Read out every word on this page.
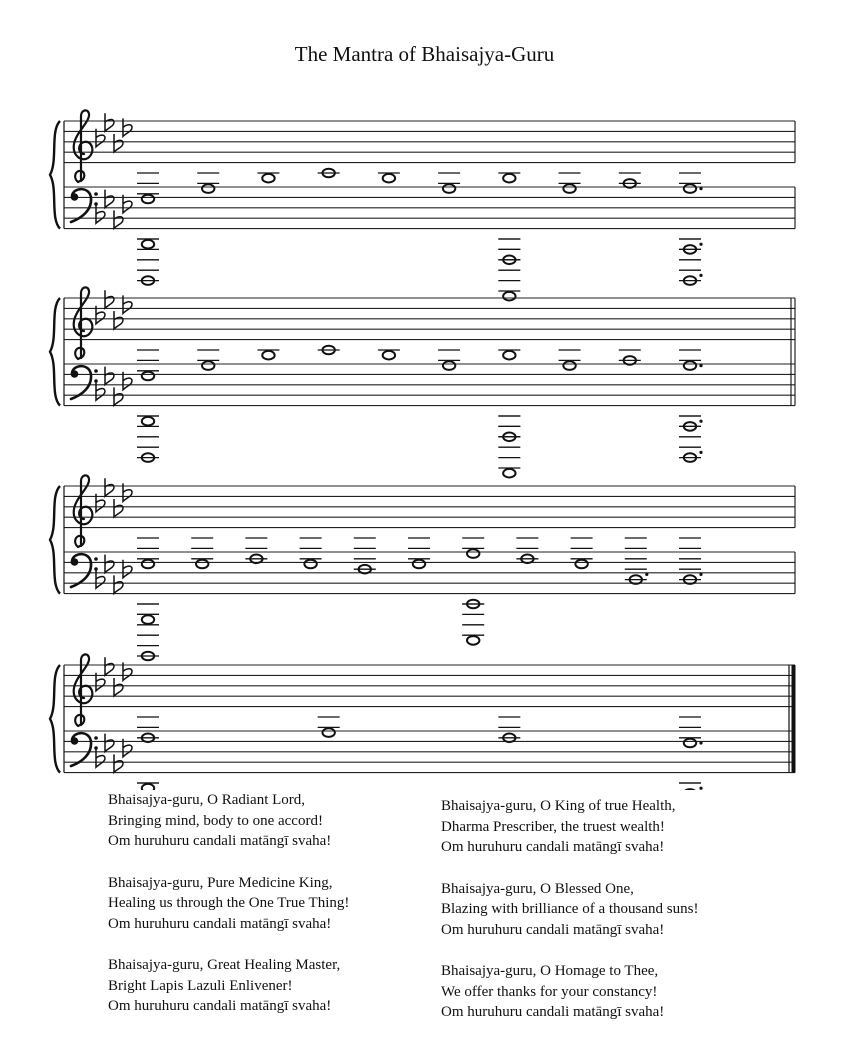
The Mantra of Bhaisajya-Guru
Bhaisajya-guru, O Radiant Lord,
Bringing mind, body to one accord!
Om huruhuru candali matāngī svaha!
Bhaisajya-guru, Pure Medicine King,
Healing us through the One True Thing!
Om huruhuru candali matāngī svaha!
Bhaisajya-guru, Great Healing Master,
Bright Lapis Lazuli Enlivener!
Om huruhuru candali matāngī svaha!
Bhaisajya-guru, O King of true Health,
Dharma Prescriber, the truest wealth!
Om huruhuru candali matāngī svaha!
Bhaisajya-guru, O Blessed One,
Blazing with brilliance of a thousand suns!
Om huruhuru candali matāngī svaha!
Bhaisajya-guru, O Homage to Thee,
We offer thanks for your constancy!
Om huruhuru candali matāngī svaha!
